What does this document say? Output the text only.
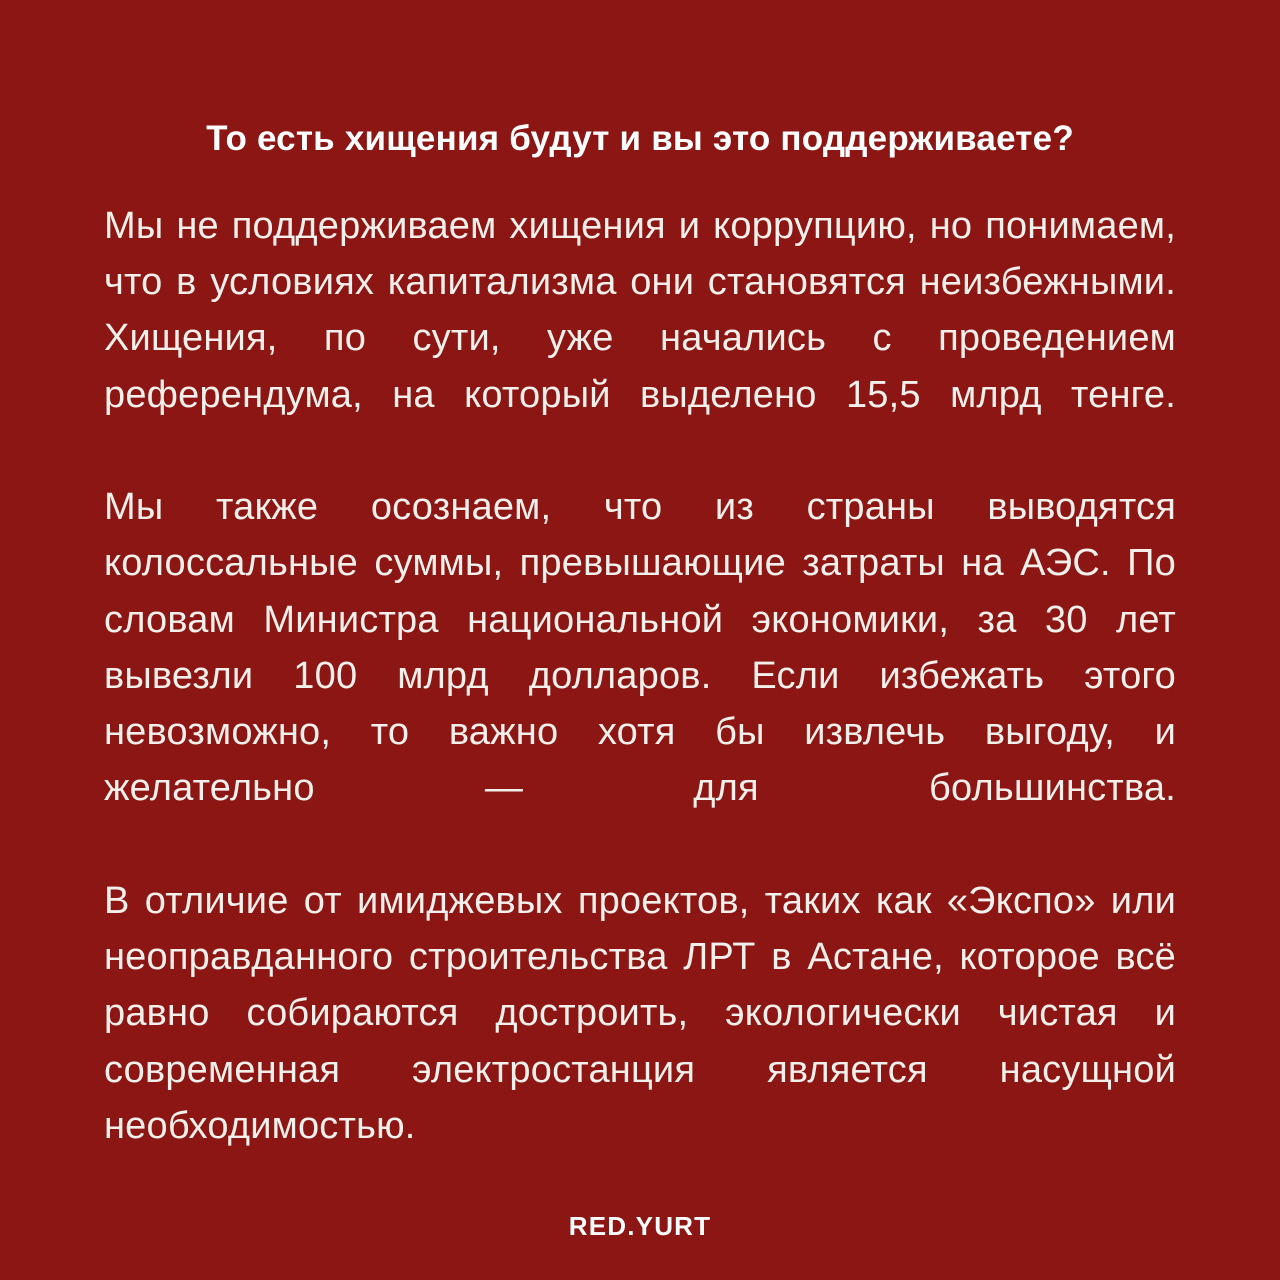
То есть хищения будут и вы это поддерживаете?

Мы не поддерживаем хищения и коррупцию, но понимаем, что в условиях капитализма они становятся неизбежными. Хищения, по сути, уже начались с проведением референдума, на который выделено 15,5 млрд тенге.

Мы также осознаем, что из страны выводятся колоссальные суммы, превышающие затраты на АЭС. По словам Министра национальной экономики, за 30 лет вывезли 100 млрд долларов. Если избежать этого невозможно, то важно хотя бы извлечь выгоду, и желательно — для большинства.

В отличие от имиджевых проектов, таких как «Экспо» или неоправданного строительства ЛРТ в Астане, которое всё равно собираются достроить, экологически чистая и современная электростанция является насущной необходимостью.

RED.YURT
